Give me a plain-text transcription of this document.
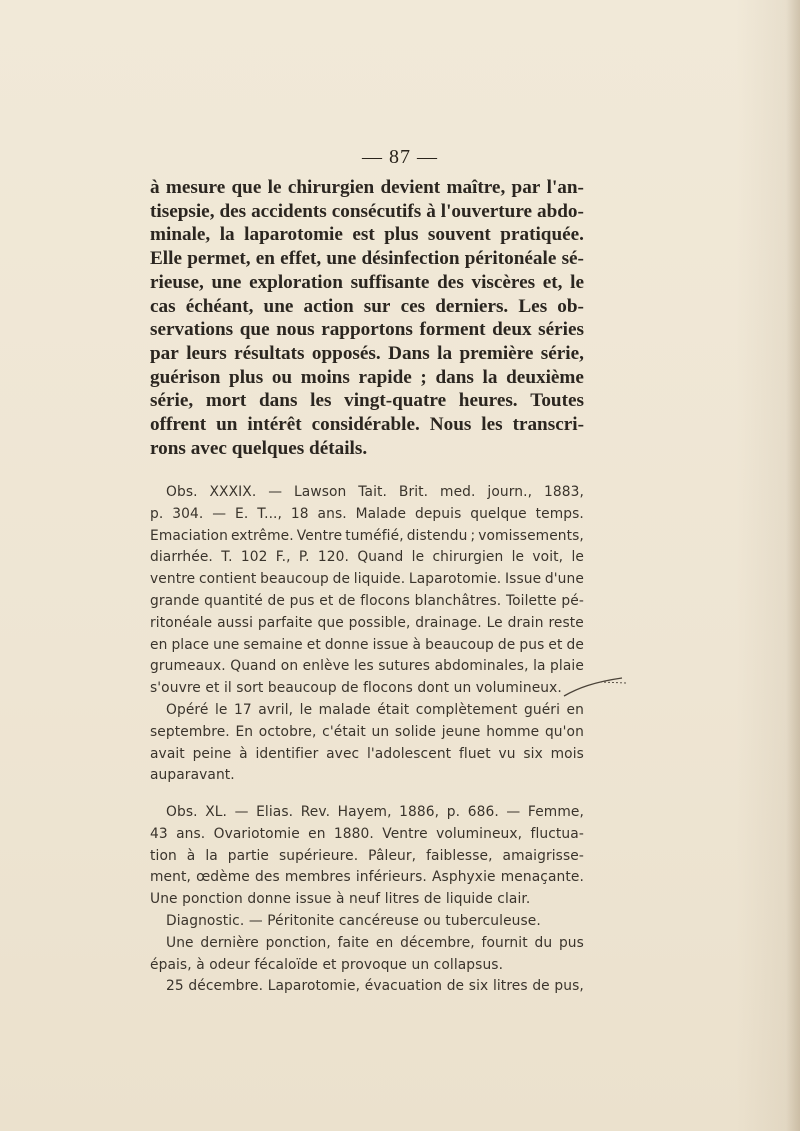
— 87 —
à mesure que le chirurgien devient maître, par l'an-
tisepsie, des accidents consécutifs à l'ouverture abdo-
minale, la laparotomie est plus souvent pratiquée.
Elle permet, en effet, une désinfection péritonéale sé-
rieuse, une exploration suffisante des viscères et, le
cas échéant, une action sur ces derniers. Les ob-
servations que nous rapportons forment deux séries
par leurs résultats opposés. Dans la première série,
guérison plus ou moins rapide ; dans la deuxième
série, mort dans les vingt-quatre heures. Toutes
offrent un intérêt considérable. Nous les transcri-
rons avec quelques détails.
Obs. XXXIX. — Lawson Tait. Brit. med. journ., 1883,
p. 304. — E. T..., 18 ans. Malade depuis quelque temps.
Emaciation extrême. Ventre tuméfié, distendu ; vomissements,
diarrhée. T. 102 F., P. 120. Quand le chirurgien le voit, le
ventre contient beaucoup de liquide. Laparotomie. Issue d'une
grande quantité de pus et de flocons blanchâtres. Toilette pé-
ritonéale aussi parfaite que possible, drainage. Le drain reste
en place une semaine et donne issue à beaucoup de pus et de
grumeaux. Quand on enlève les sutures abdominales, la plaie
s'ouvre et il sort beaucoup de flocons dont un volumineux.
Opéré le 17 avril, le malade était complètement guéri en
septembre. En octobre, c'était un solide jeune homme qu'on
avait peine à identifier avec l'adolescent fluet vu six mois
auparavant.
Obs. XL. — Elias. Rev. Hayem, 1886, p. 686. — Femme,
43 ans. Ovariotomie en 1880. Ventre volumineux, fluctua-
tion à la partie supérieure. Pâleur, faiblesse, amaigrisse-
ment, œdème des membres inférieurs. Asphyxie menaçante.
Une ponction donne issue à neuf litres de liquide clair.
Diagnostic. — Péritonite cancéreuse ou tuberculeuse.
Une dernière ponction, faite en décembre, fournit du pus
épais, à odeur fécaloïde et provoque un collapsus.
25 décembre. Laparotomie, évacuation de six litres de pus,
